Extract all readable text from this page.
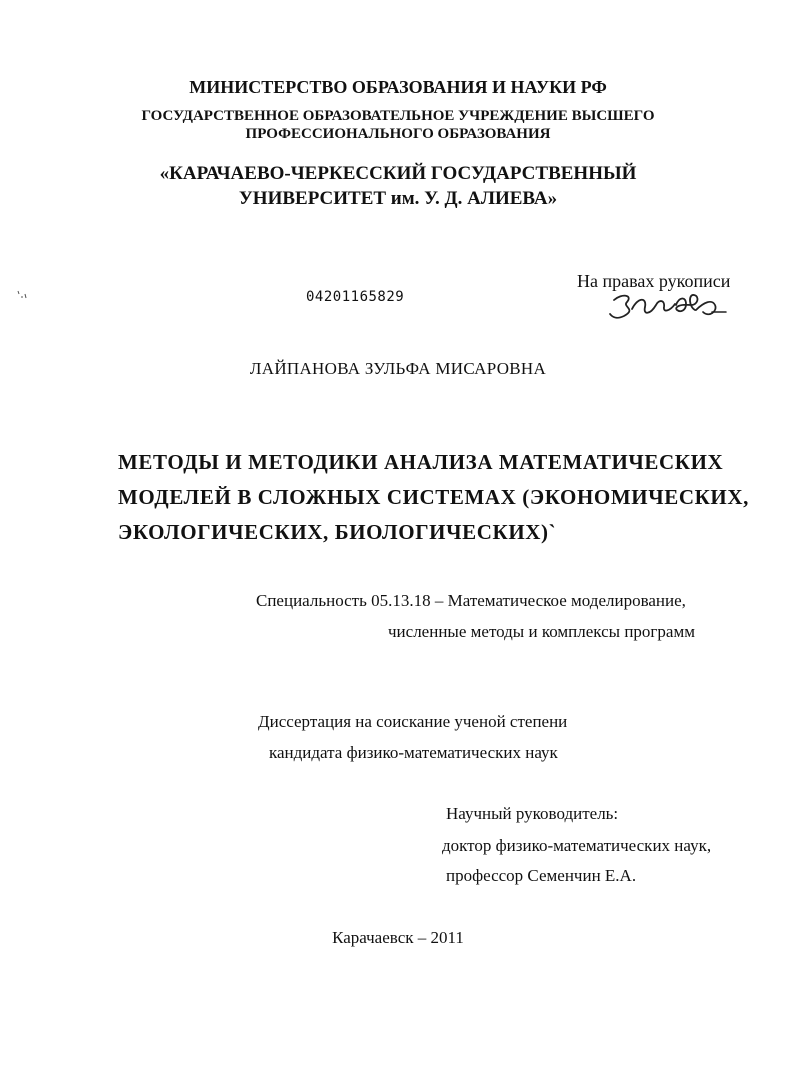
МИНИСТЕРСТВО ОБРАЗОВАНИЯ И НАУКИ РФ
ГОСУДАРСТВЕННОЕ ОБРАЗОВАТЕЛЬНОЕ УЧРЕЖДЕНИЕ ВЫСШЕГО
ПРОФЕССИОНАЛЬНОГО ОБРАЗОВАНИЯ
«КАРАЧАЕВО-ЧЕРКЕССКИЙ ГОСУДАРСТВЕННЫЙ
УНИВЕРСИТЕТ им. У. Д. АЛИЕВА»
На правах рукописи
04201165829
ЛАЙПАНОВА ЗУЛЬФА МИСАРОВНА
МЕТОДЫ И МЕТОДИКИ АНАЛИЗА МАТЕМАТИЧЕСКИХ
МОДЕЛЕЙ В СЛОЖНЫХ СИСТЕМАХ (ЭКОНОМИЧЕСКИХ,
ЭКОЛОГИЧЕСКИХ, БИОЛОГИЧЕСКИХ)`
Специальность 05.13.18 – Математическое моделирование,
численные методы и комплексы программ
Диссертация на соискание ученой степени
кандидата физико-математических наук
Научный руководитель:
доктор физико-математических наук,
профессор Семенчин Е.А.
Карачаевск – 2011
